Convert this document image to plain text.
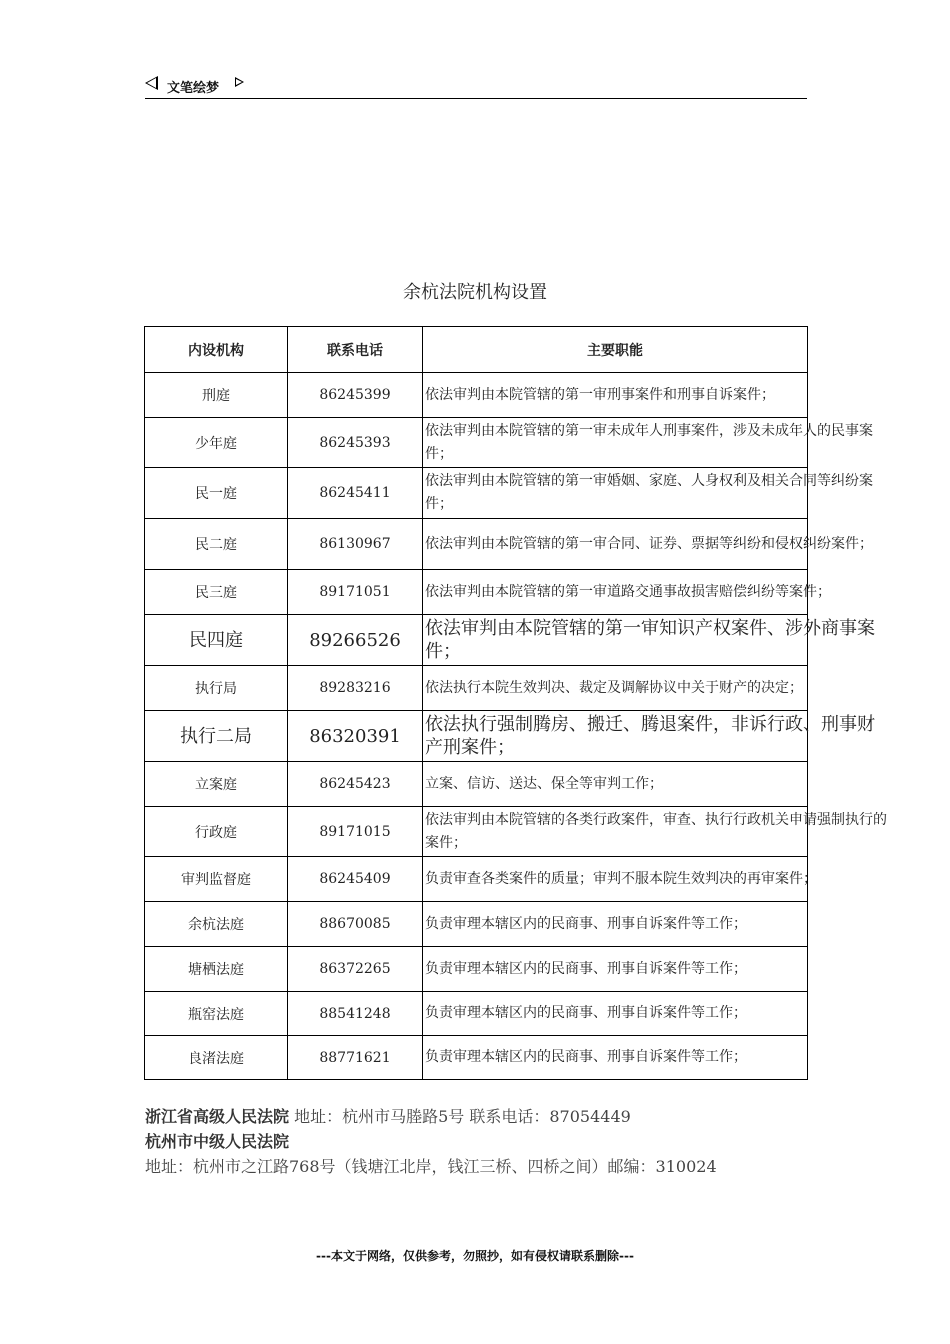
文笔绘梦
余杭法院机构设置
内设机构	联系电话	主要职能
刑庭	86245399	依法审判由本院管辖的第一审刑事案件和刑事自诉案件；

少年庭	86245393	依法审判由本院管辖的第一审未成年人刑事案件，涉及未成年人的民事案件；

民一庭	86245411	依法审判由本院管辖的第一审婚姻、家庭、人身权利及相关合同等纠纷案件；

民二庭	86130967	依法审判由本院管辖的第一审合同、证券、票据等纠纷和侵权纠纷案件；

民三庭	89171051	依法审判由本院管辖的第一审道路交通事故损害赔偿纠纷等案件；

民四庭	89266526	依法审判由本院管辖的第一审知识产权案件、涉外商事案件；

执行局	89283216	依法执行本院生效判决、裁定及调解协议中关于财产的决定；

执行二局	86320391	依法执行强制腾房、搬迁、腾退案件，非诉行政、刑事财产刑案件；

立案庭	86245423	立案、信访、送达、保全等审判工作；

行政庭	89171015	依法审判由本院管辖的各类行政案件，审查、执行行政机关申请强制执行的案件；

审判监督庭	86245409	负责审查各类案件的质量；审判不服本院生效判决的再审案件；

余杭法庭	88670085	负责审理本辖区内的民商事、刑事自诉案件等工作；

塘栖法庭	86372265	负责审理本辖区内的民商事、刑事自诉案件等工作；

瓶窑法庭	88541248	负责审理本辖区内的民商事、刑事自诉案件等工作；

良渚法庭	88771621	负责审理本辖区内的民商事、刑事自诉案件等工作；
浙江省高级人民法院 地址：杭州市马塍路5号 联系电话：87054449
杭州市中级人民法院
地址：杭州市之江路768号（钱塘江北岸，钱江三桥、四桥之间）邮编：310024
---本文于网络，仅供参考，勿照抄，如有侵权请联系删除---
